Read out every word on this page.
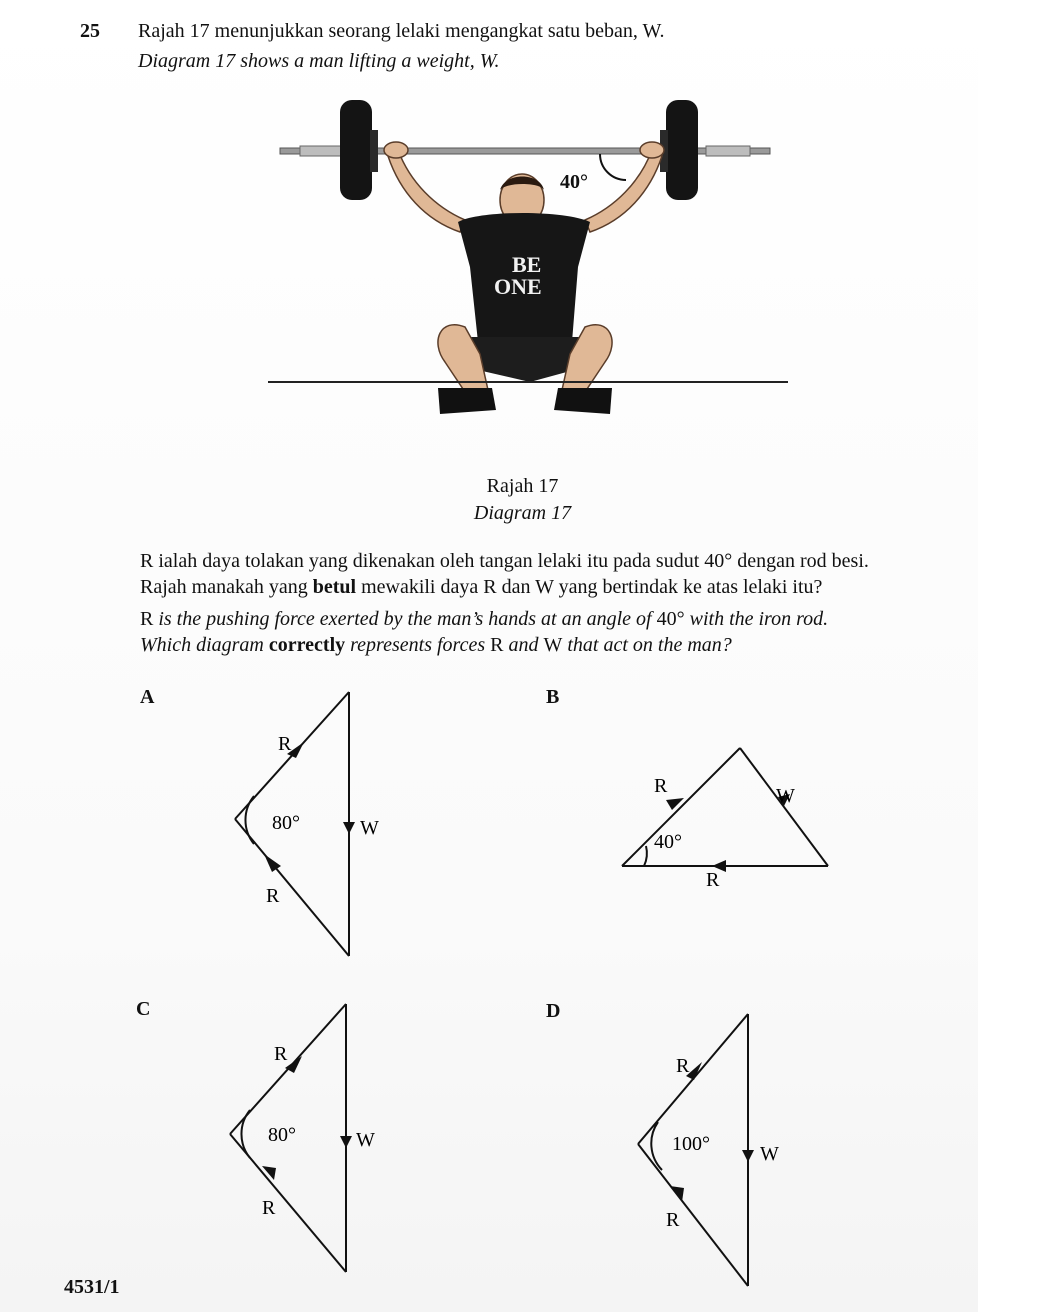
25 Rajah 17 menunjukkan seorang lelaki mengangkat satu beban, W.
Diagram 17 shows a man lifting a weight, W.
40°
BE
ONE
Rajah 17
Diagram 17
R ialah daya tolakan yang dikenakan oleh tangan lelaki itu pada sudut 40° dengan rod besi.
Rajah manakah yang betul mewakili daya R dan W yang bertindak ke atas lelaki itu?
R is the pushing force exerted by the man’s hands at an angle of 40° with the iron rod.
Which diagram correctly represents forces R and W that act on the man?
A	B
C	D
80°
R
R
W
40°
R
R
W
80°
R
R
W	100°
R
R
W
4531/1
